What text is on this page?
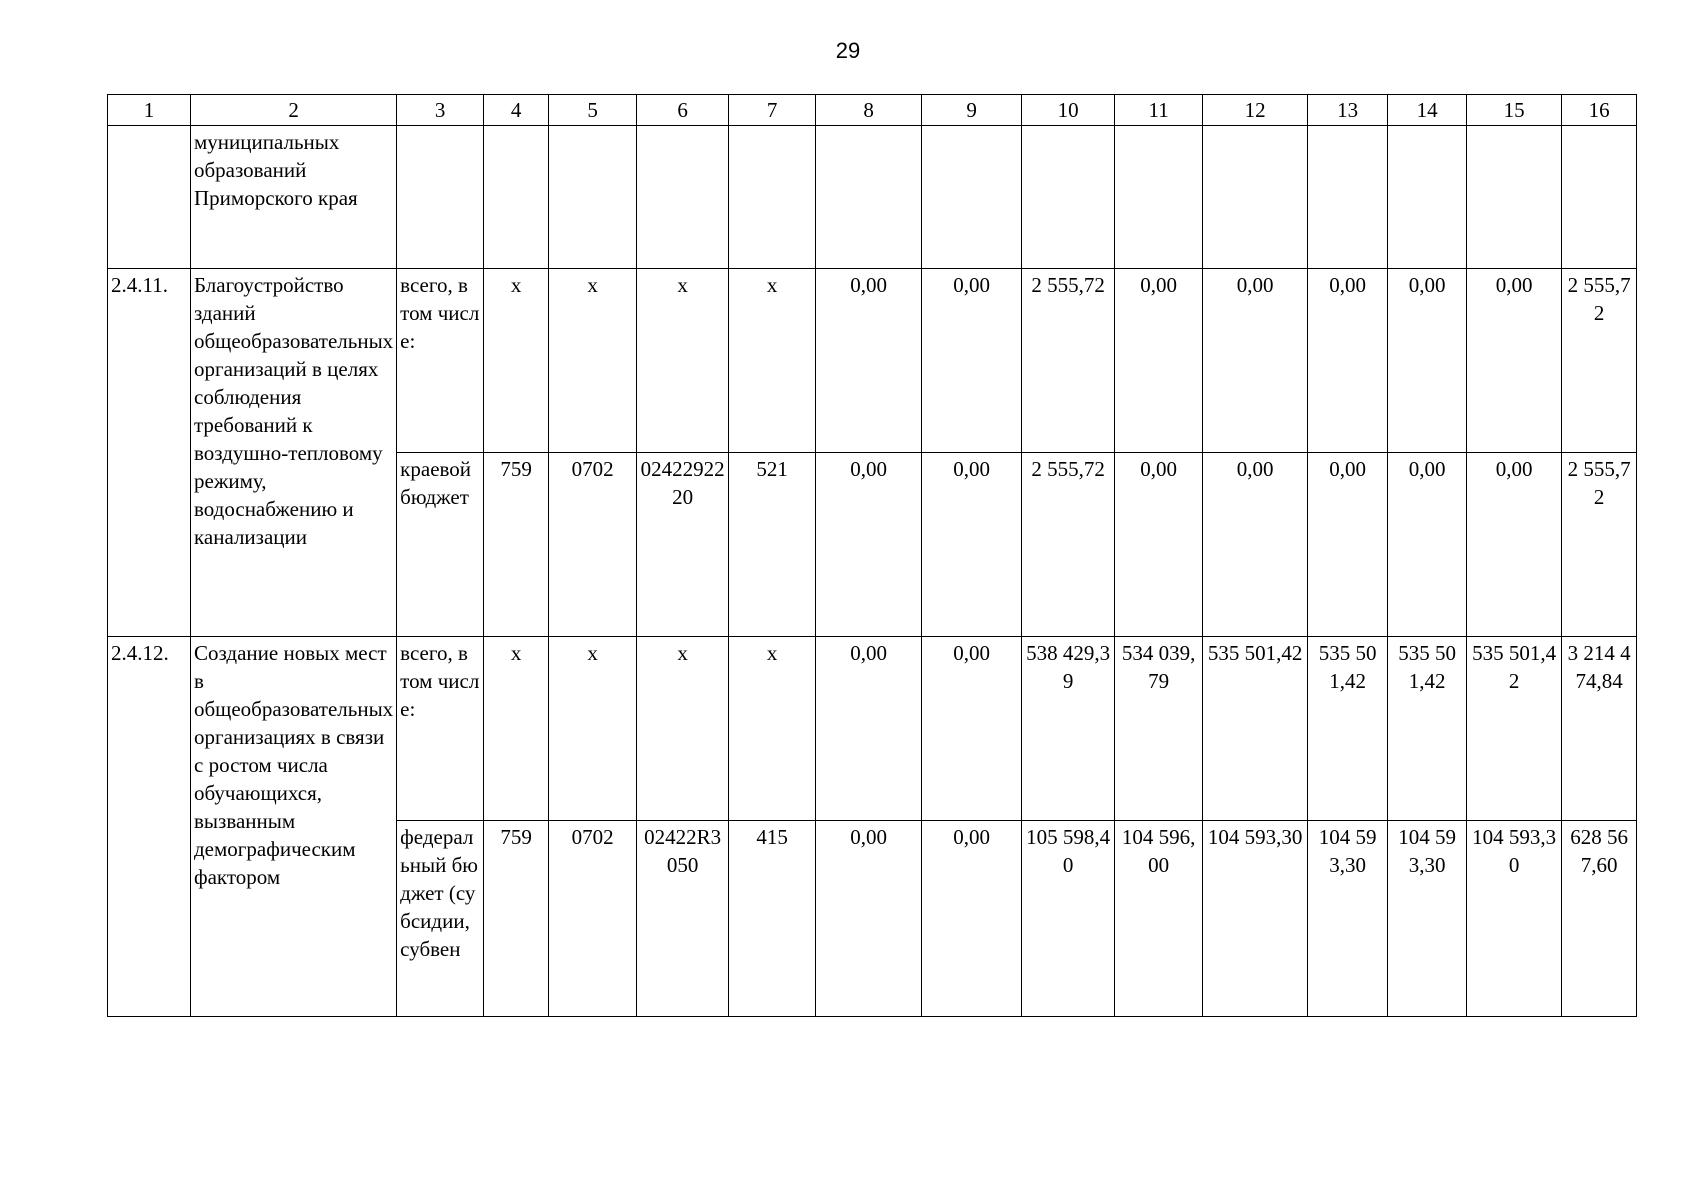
29
1	2	3	4	5	6	7	8	9	10	11	12	13	14	15	16
	муниципальных образований Приморского края														
2.4.11.	Благоустройство зданий общеобразовательных организаций в целях соблюдения требований к воздушно-тепловому режиму, водоснабжению и канализации	всего, в том числе:	х	х	х	х	0,00	0,00	2 555,72	0,00	0,00	0,00	0,00	0,00	2 555,72
		краевой бюджет	759	0702	0242292220	521	0,00	0,00	2 555,72	0,00	0,00	0,00	0,00	0,00	2 555,72
2.4.12.	Создание новых мест в общеобразовательных организациях в связи с ростом числа обучающихся, вызванным демографическим фактором	всего, в том числе:	х	х	х	х	0,00	0,00	538 429,39	534 039,79	535 501,42	535 501,42	535 501,42	535 501,42	3 214 474,84
		федеральный бюджет (субсидии, субвен	759	0702	02422R3050	415	0,00	0,00	105 598,40	104 596,00	104 593,30	104 593,30	104 593,30	104 593,30	628 567,60
